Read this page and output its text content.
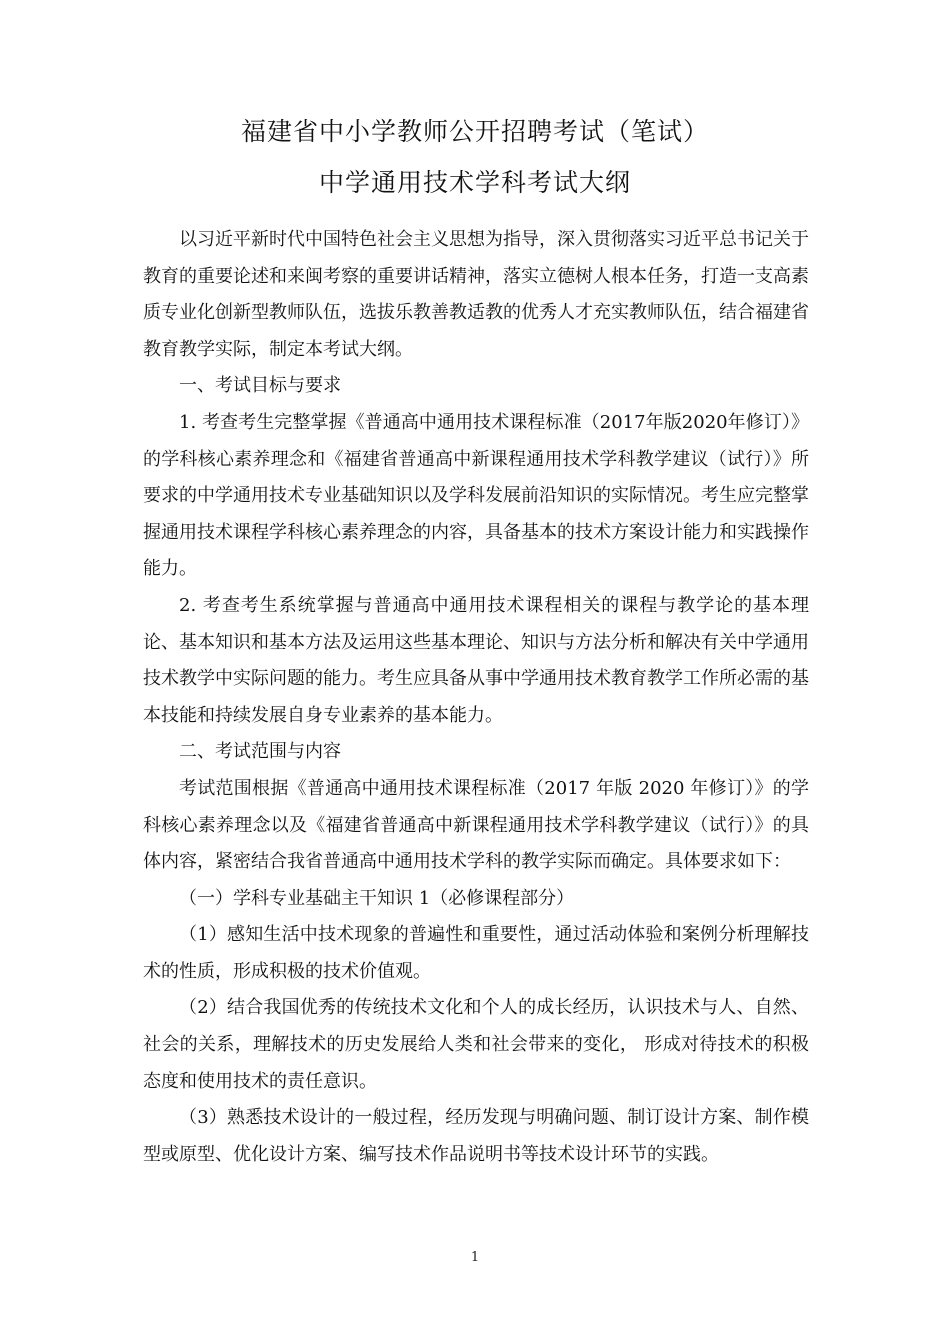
福建省中小学教师公开招聘考试（笔试）
中学通用技术学科考试大纲

以习近平新时代中国特色社会主义思想为指导，深入贯彻落实习近平总书记关于教育的重要论述和来闽考察的重要讲话精神，落实立德树人根本任务，打造一支高素质专业化创新型教师队伍，选拔乐教善教适教的优秀人才充实教师队伍，结合福建省教育教学实际，制定本考试大纲。

一、考试目标与要求

1. 考查考生完整掌握《普通高中通用技术课程标准（2017年版2020年修订）》的学科核心素养理念和《福建省普通高中新课程通用技术学科教学建议（试行）》所要求的中学通用技术专业基础知识以及学科发展前沿知识的实际情况。考生应完整掌握通用技术课程学科核心素养理念的内容，具备基本的技术方案设计能力和实践操作能力。

2. 考查考生系统掌握与普通高中通用技术课程相关的课程与教学论的基本理论、基本知识和基本方法及运用这些基本理论、知识与方法分析和解决有关中学通用技术教学中实际问题的能力。考生应具备从事中学通用技术教育教学工作所必需的基本技能和持续发展自身专业素养的基本能力。

二、考试范围与内容

考试范围根据《普通高中通用技术课程标准（2017 年版 2020 年修订）》的学科核心素养理念以及《福建省普通高中新课程通用技术学科教学建议（试行）》的具体内容，紧密结合我省普通高中通用技术学科的教学实际而确定。具体要求如下：

（一）学科专业基础主干知识 1（必修课程部分）

（1）感知生活中技术现象的普遍性和重要性，通过活动体验和案例分析理解技术的性质，形成积极的技术价值观。

（2）结合我国优秀的传统技术文化和个人的成长经历，认识技术与人、自然、社会的关系，理解技术的历史发展给人类和社会带来的变化， 形成对待技术的积极态度和使用技术的责任意识。

（3）熟悉技术设计的一般过程，经历发现与明确问题、制订设计方案、制作模型或原型、优化设计方案、编写技术作品说明书等技术设计环节的实践。

1
